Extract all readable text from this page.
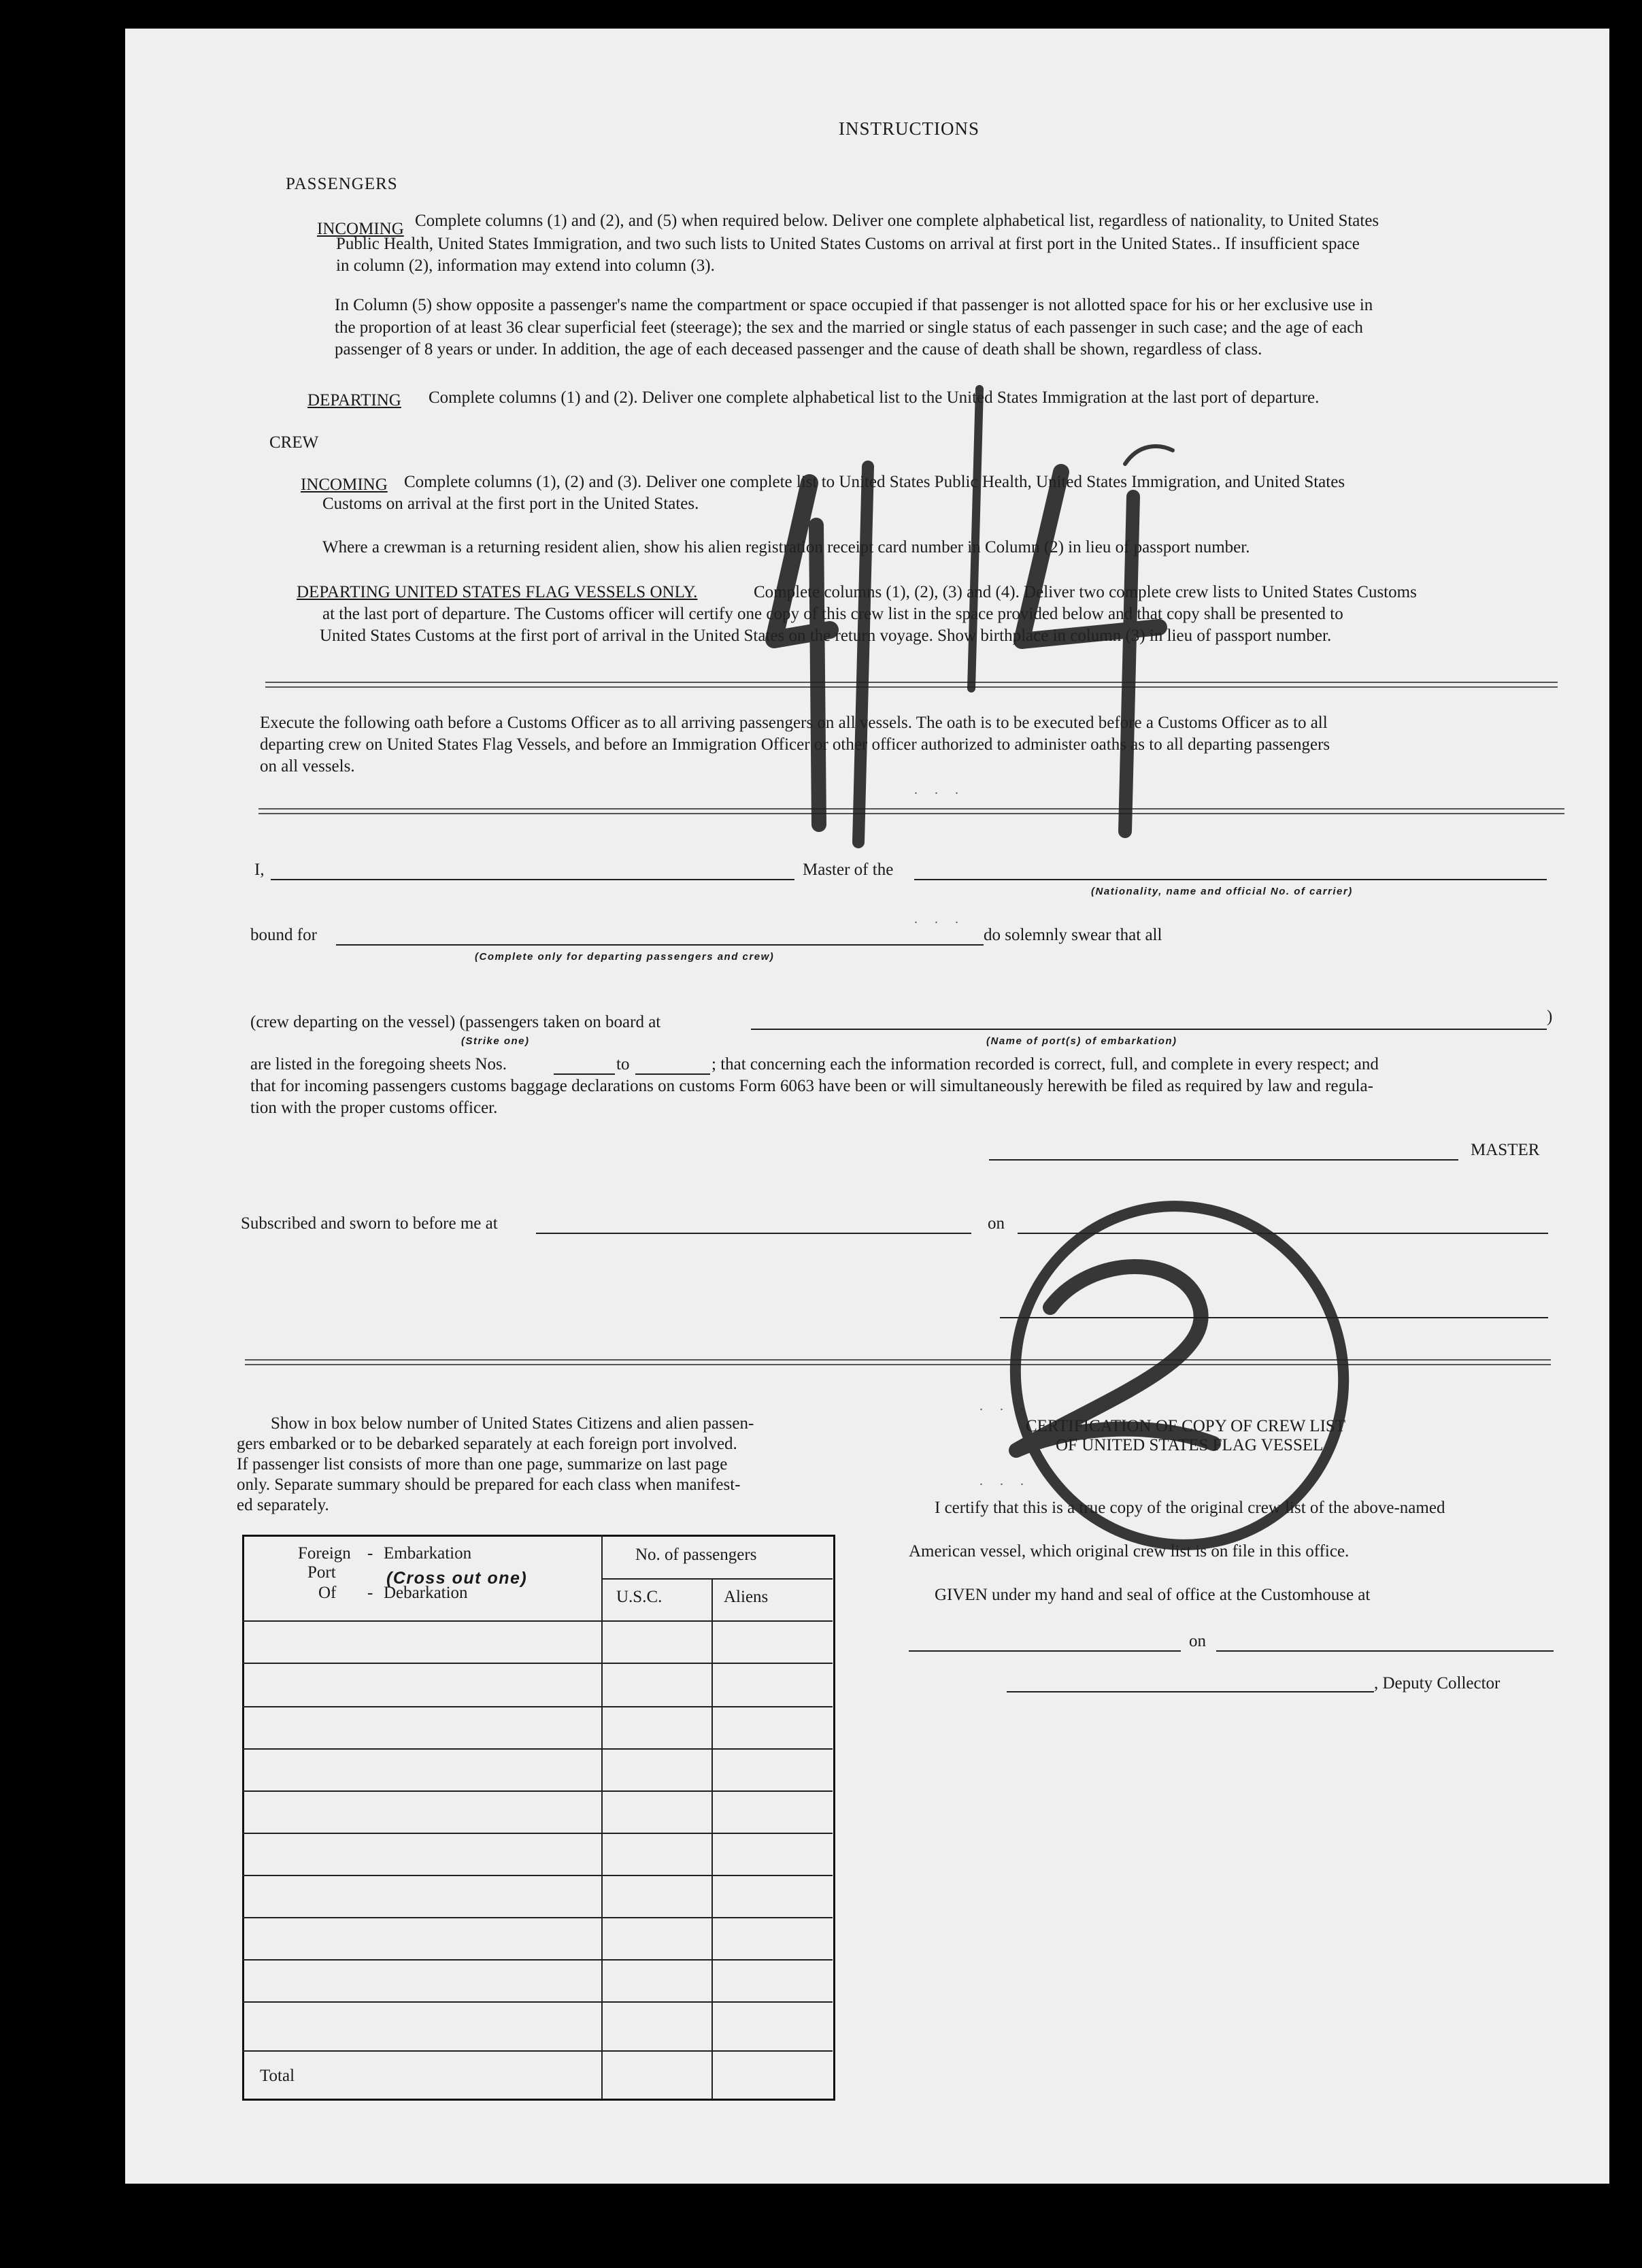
INSTRUCTIONS
PASSENGERS
INCOMING Complete columns (1) and (2), and (5) when required below. Deliver one complete alphabetical list, regardless of nationality, to United States
Public Health, United States Immigration, and two such lists to United States Customs on arrival at first port in the United States.. If insufficient space
in column (2), information may extend into column (3).
In Column (5) show opposite a passenger's name the compartment or space occupied if that passenger is not allotted space for his or her exclusive use in
the proportion of at least 36 clear superficial feet (steerage); the sex and the married or single status of each passenger in such case; and the age of each
passenger of 8 years or under. In addition, the age of each deceased passenger and the cause of death shall be shown, regardless of class.
DEPARTING Complete columns (1) and (2). Deliver one complete alphabetical list to the United States Immigration at the last port of departure.
CREW
INCOMING Complete columns (1), (2) and (3). Deliver one complete list to United States Public Health, United States Immigration, and United States
Customs on arrival at the first port in the United States.
Where a crewman is a returning resident alien, show his alien registration receipt card number in Column (2) in lieu of passport number.
DEPARTING UNITED STATES FLAG VESSELS ONLY.	Complete columns (1), (2), (3) and (4). Deliver two complete crew lists to United States Customs
at the last port of departure. The Customs officer will certify one copy of this crew list in the space provided below and that copy shall be presented to
United States Customs at the first port of arrival in the United States on the return voyage. Show birthplace in column (3) in lieu of passport number.
Execute the following oath before a Customs Officer as to all arriving passengers on all vessels. The oath is to be executed before a Customs Officer as to all
departing crew on United States Flag Vessels, and before an Immigration Officer or other officer authorized to administer oaths as to all departing passengers
on all vessels.
I,	Master of the
(Nationality, name and official No. of carrier)
bound for	do solemnly swear that all
(Complete only for departing passengers and crew)
(crew departing on the vessel) (passengers taken on board at
(Strike one)
)
(Name of port(s) of embarkation)
are listed in the foregoing sheets Nos.	to	; that concerning each the information recorded is correct, full, and complete in every respect; and
that for incoming passengers customs baggage declarations on customs Form 6063 have been or will simultaneously herewith be filed as required by law and regula-
tion with the proper customs officer.
MASTER
Subscribed and sworn to before me at	on
Show in box below number of United States Citizens and alien passen-
gers embarked or to be debarked separately at each foreign port involved.
If passenger list consists of more than one page, summarize on last page
only. Separate summary should be prepared for each class when manifest-
ed separately.
Foreign - Embarkation
Port	(Cross out one)
Of - Debarkation
No. of passengers
U.S.C.	Aliens
Total
CERTIFICATION OF COPY OF CREW LIST
OF UNITED STATES FLAG VESSEL
I certify that this is a true copy of the original crew list of the above-named
American vessel, which original crew list is on file in this office.
GIVEN under my hand and seal of office at the Customhouse at
on
, Deputy Collector
. . .
. . .
. . .
. . .
